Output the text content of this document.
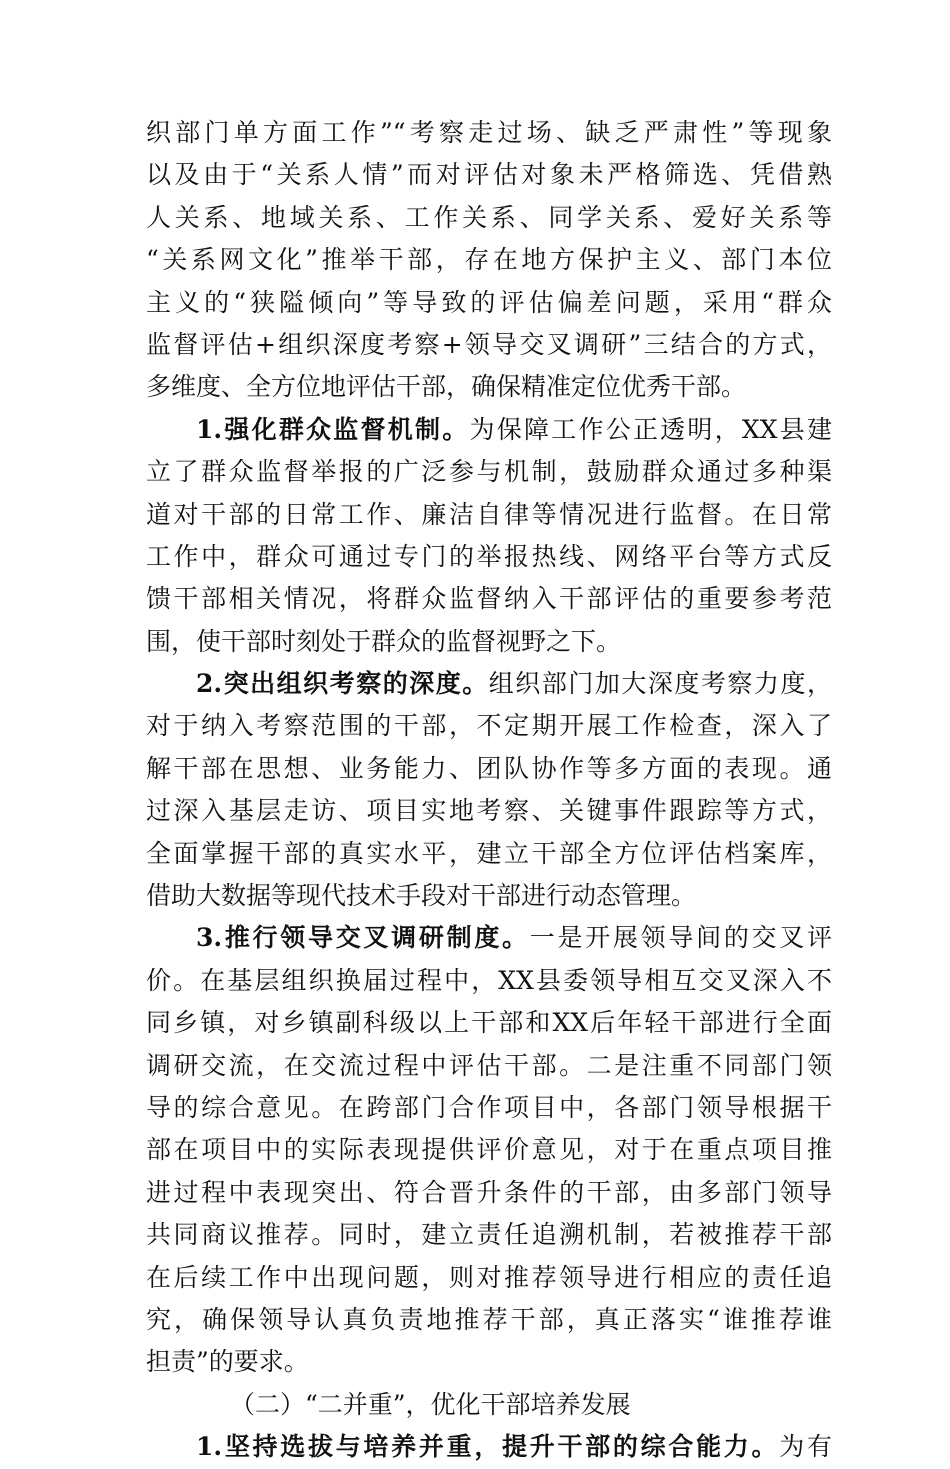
织部门单方面工作”“考察走过场、缺乏严肃性”等现象
以及由于“关系人情”而对评估对象未严格筛选、凭借熟
人关系、地域关系、工作关系、同学关系、爱好关系等
“关系网文化”推举干部，存在地方保护主义、部门本位
主义的“狭隘倾向”等导致的评估偏差问题，采用“群众
监督评估+组织深度考察+领导交叉调研”三结合的方式，
多维度、全方位地评估干部，确保精准定位优秀干部。
1.强化群众监督机制。为保障工作公正透明，XX县建
立了群众监督举报的广泛参与机制，鼓励群众通过多种渠
道对干部的日常工作、廉洁自律等情况进行监督。在日常
工作中，群众可通过专门的举报热线、网络平台等方式反
馈干部相关情况，将群众监督纳入干部评估的重要参考范
围，使干部时刻处于群众的监督视野之下。
2.突出组织考察的深度。组织部门加大深度考察力度，
对于纳入考察范围的干部，不定期开展工作检查，深入了
解干部在思想、业务能力、团队协作等多方面的表现。通
过深入基层走访、项目实地考察、关键事件跟踪等方式，
全面掌握干部的真实水平，建立干部全方位评估档案库，
借助大数据等现代技术手段对干部进行动态管理。
3.推行领导交叉调研制度。一是开展领导间的交叉评
价。在基层组织换届过程中，XX县委领导相互交叉深入不
同乡镇，对乡镇副科级以上干部和XX后年轻干部进行全面
调研交流，在交流过程中评估干部。二是注重不同部门领
导的综合意见。在跨部门合作项目中，各部门领导根据干
部在项目中的实际表现提供评价意见，对于在重点项目推
进过程中表现突出、符合晋升条件的干部，由多部门领导
共同商议推荐。同时，建立责任追溯机制，若被推荐干部
在后续工作中出现问题，则对推荐领导进行相应的责任追
究，确保领导认真负责地推荐干部，真正落实“谁推荐谁
担责”的要求。
（二）“二并重”，优化干部培养发展
1.坚持选拔与培养并重，提升干部的综合能力。为有
